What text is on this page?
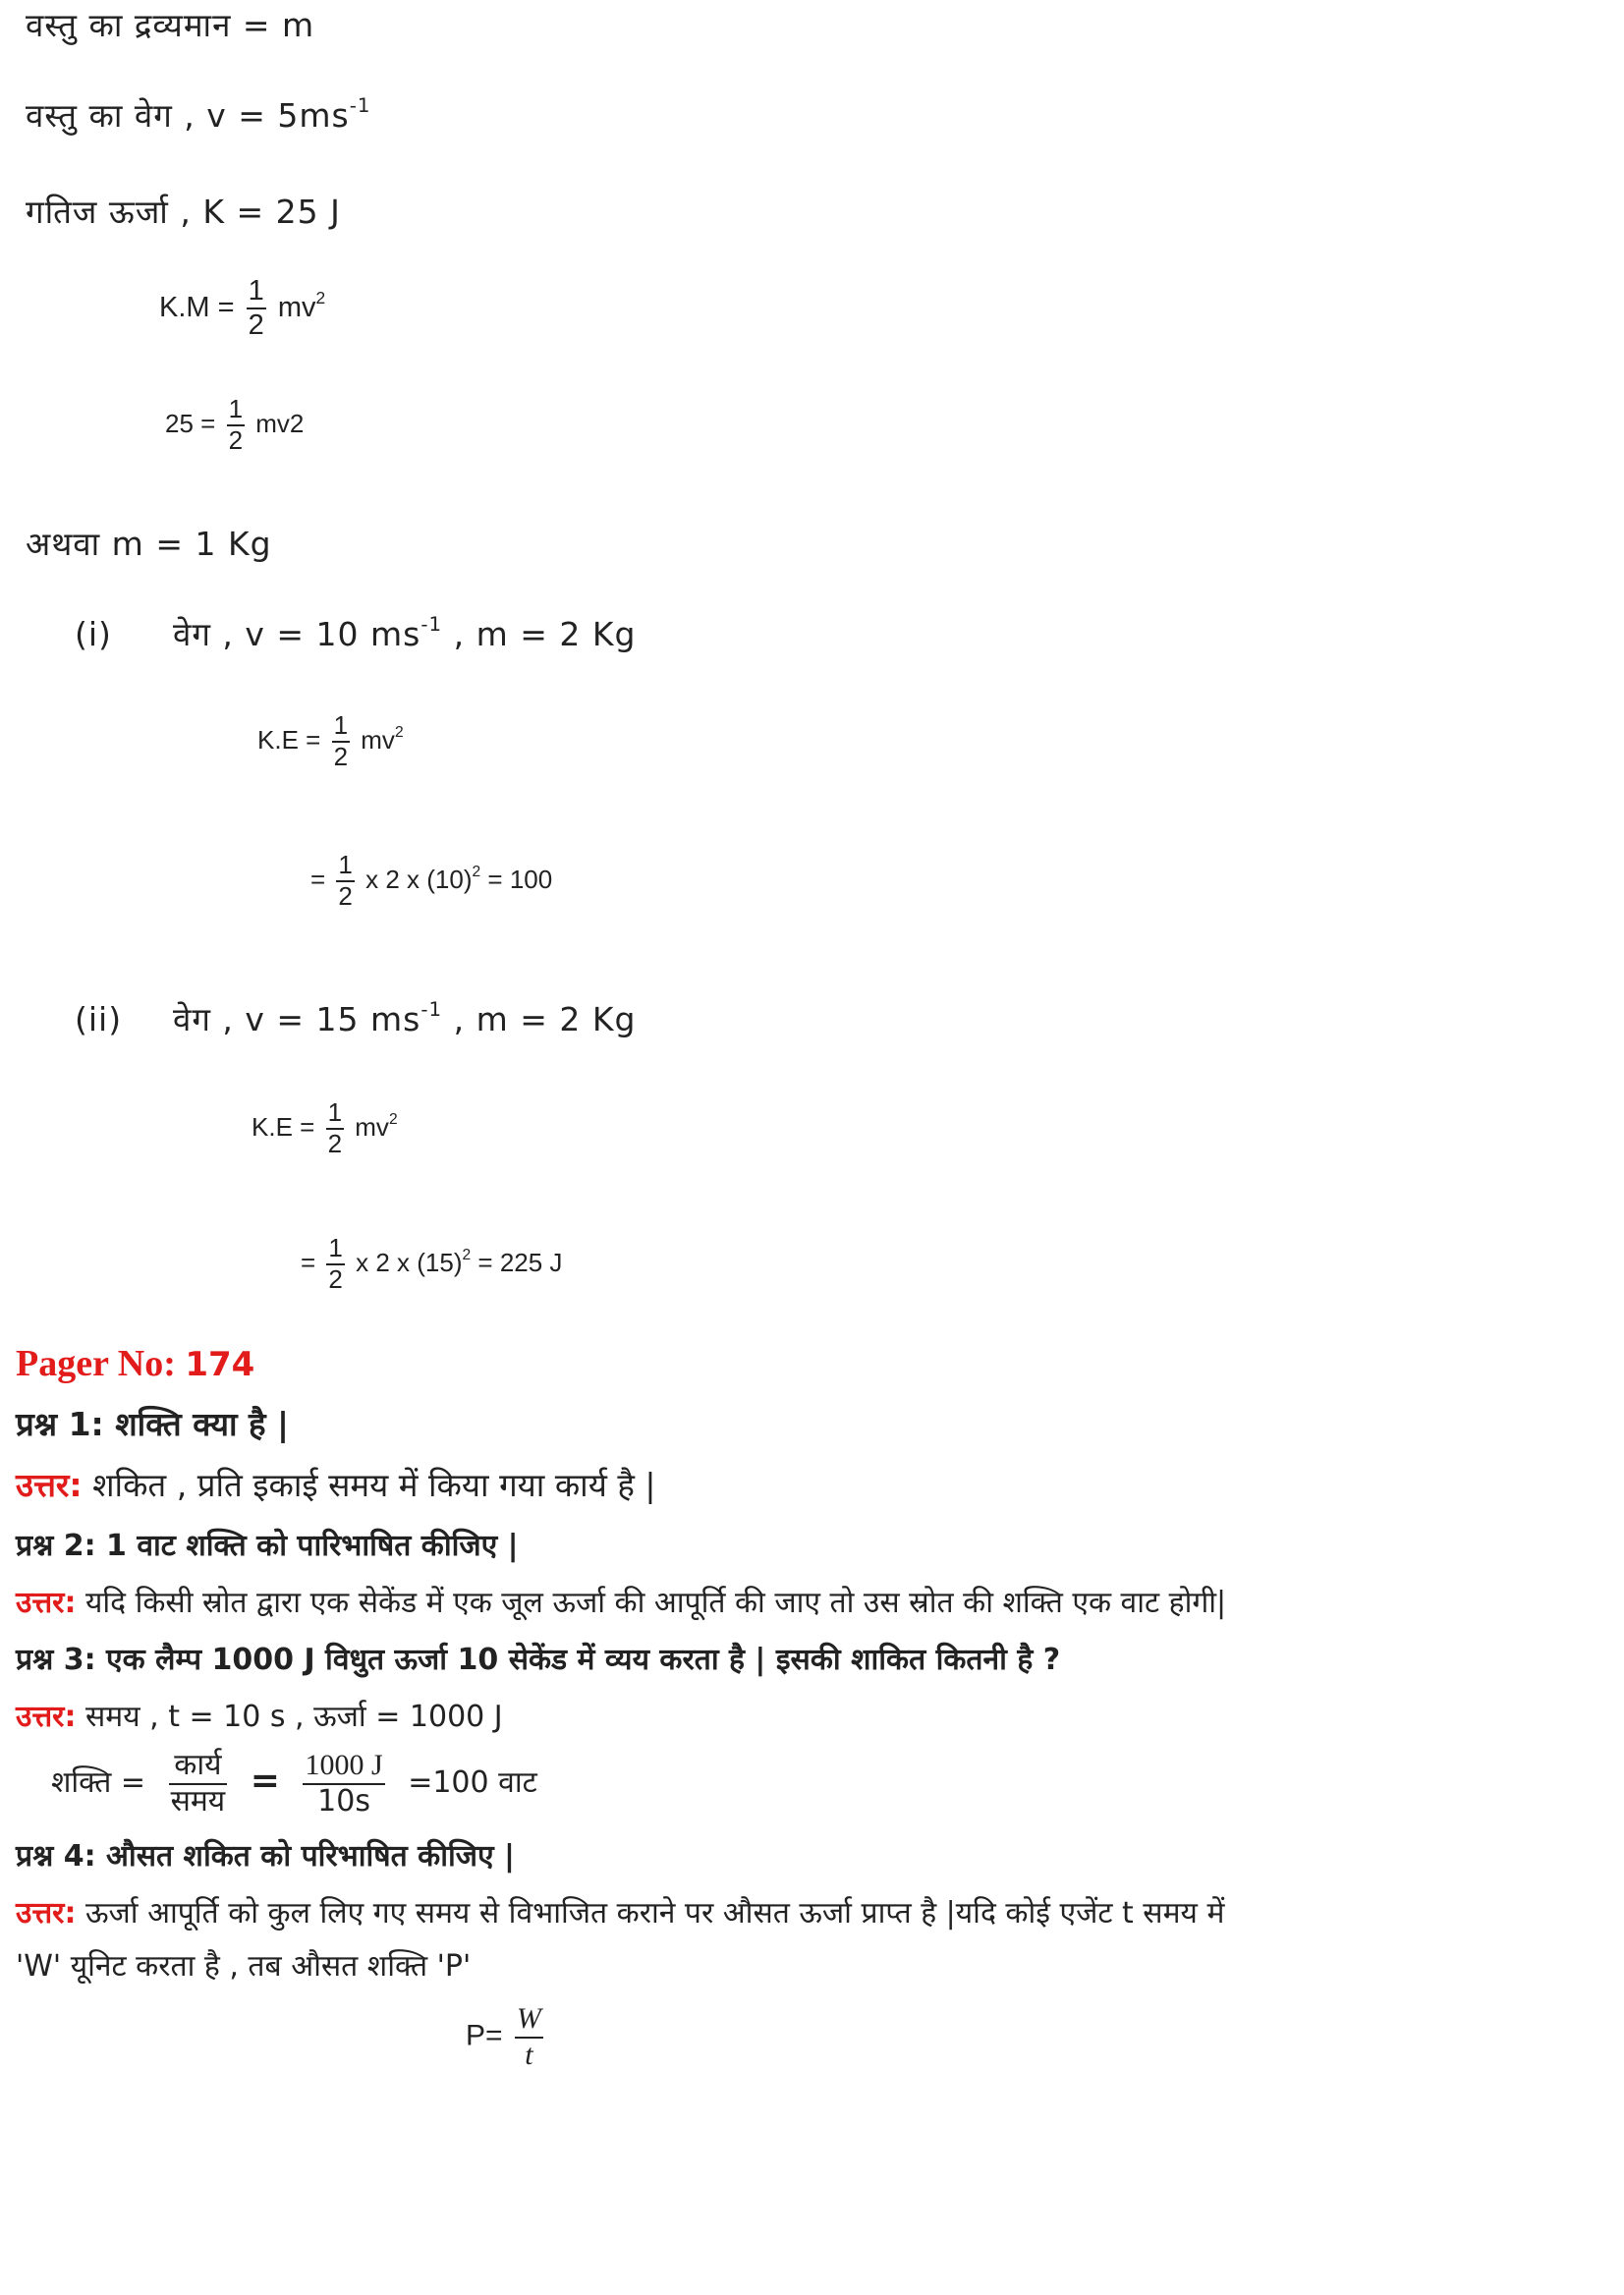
वस्तु का द्रव्यमान = m
वस्तु का वेग , $v = 5ms^{-1}$
गतिज ऊर्जा , K = 25 J
$K.M = \frac{1}{2} mv^2$
$25 = \frac{1}{2} mv2$
अथवा m = 1 Kg
(i) वेग , v = 10 $ms^{-1}$ , m = 2 Kg
$K.E = \frac{1}{2} mv^2$
= $\frac{1}{2}$ x 2 x $(10)^2 = 100$
(ii) वेग , v = 15 $ms^{-1}$ , m = 2 Kg
$K.E = \frac{1}{2} mv^2$
= $\frac{1}{2}$ x 2 x $(15)^2 = 225$ J
Pager No: 174
प्रश्न 1: शक्ति क्या है |
उत्तर: शकित , प्रति इकाई समय में किया गया कार्य है |
प्रश्न 2: 1 वाट शक्ति को पारिभाषित कीजिए |
उत्तर: यदि किसी स्रोत द्वारा एक सेकेंड में एक जूल ऊर्जा की आपूर्ति की जाए तो उस स्रोत की शक्ति एक वाट होगी|
प्रश्न 3: एक लैम्प 1000 J विधुत ऊर्जा 10 सेकेंड में व्यय करता है | इसकी शाकित कितनी है ?
उत्तर: समय , t = 10 s , ऊर्जा = 1000 J
शक्ति = $\frac{\text{कार्य}}{\text{समय}} = \frac{1000 J}{10s} =100$ वाट
प्रश्न 4: औसत शकित को परिभाषित कीजिए |
उत्तर: ऊर्जा आपूर्ति को कुल लिए गए समय से विभाजित कराने पर औसत ऊर्जा प्राप्त है |यदि कोई एजेंट t समय में
'W' यूनिट करता है , तब औसत शक्ति 'P'
$P= \frac{W}{t}$
